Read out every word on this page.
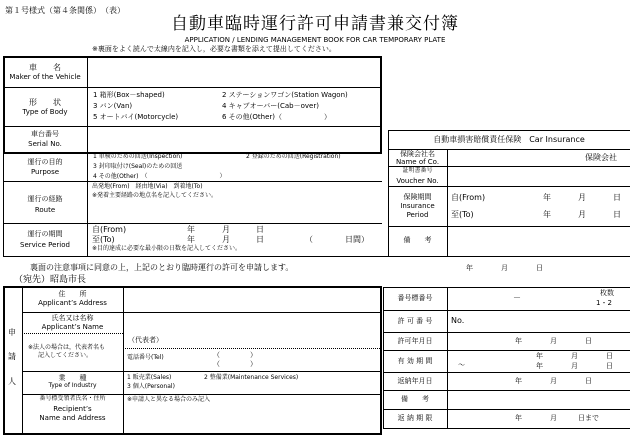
第１号様式（第４条関係）　（表）
自動車臨時運行許可申請書兼交付簿
APPLICATION / LENDING MANAGEMENT BOOK FOR CAR TEMPORARY PLATE
※裏面をよく読んで太線内を記入し，必要な書類を添えて提出してください。
車　　名
Maker of the Vehicle
形　　状
Type of Body
1 箱形(Box－shaped)	2 ステーションワゴン(Station Wagon)
3 バン(Van)	4 キャブオーバー(Cab－over)
5 オートバイ(Motorcycle)	6 その他(Other)（　　　　　　）
車台番号
Serial No.
運行の目的
Purpose
1 車検のための回送(Inspection)	2 登録のための回送(Registration)
3 封印取付け(Seal)のための回送
4 その他(Other)　（　　　　　　　　　　　　）
運行の経路
Route
出発地(From)　経由地(Via)　到着地(To)
※発着主要経路の地点名を記入してください。
運行の期間
Service Period
自(From)	年	月	日
至(To)	年	月	日	（　　　　日間）
※目的達成に必要な最小限の日数を記入してください。
自動車損害賠償責任保険　Car Insurance
保険会社名
Name of Co.	保険会社
証明書番号
Voucher No.
保険期間
Insurance
Period
自(From)	年	月	日
至(To)	年	月	日
備　　考
裏面の注意事項に同意の上，上記のとおり臨時運行の許可を申請します。	年　　　　月　　　　日
（宛先）昭島市長
申
請
人
住　　所
Applicant’s Address
氏名又は名称
Applicant’s Name
※法人の場合は，代表者名も
記入してください。
（代表者）
電話番号(Tel)	（	）
（	）
業　　種
Type of Industry
1 販売業(Sales)	2 整備業(Maintenance Services)
3 個人(Personal)
番号標受領者氏名・住所
Recipient’s
Name and Address
※申請人と異なる場合のみ記入
番号標番号	－	枚数
1・2
許 可 番 号	No.
許可年月日	年	月	日
有 効 期 間	～
年	月	日
年	月	日
返納年月日	年	月	日
備　　考
返 納 期 限	年	月	日まで
